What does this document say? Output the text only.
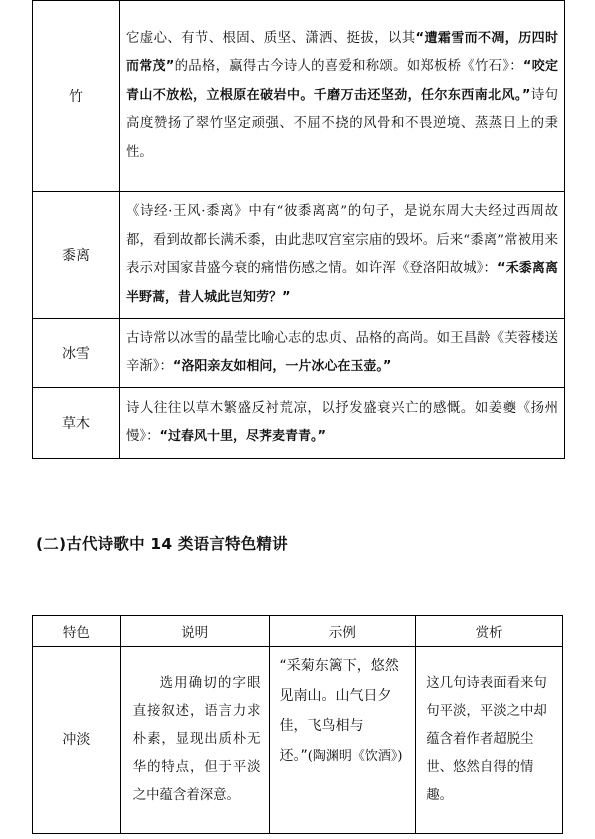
竹	它虚心、有节、根固、质坚、潇洒、挺拔，以其“遭霜雪而不凋，历四时而常茂”的品格，赢得古今诗人的喜爱和称颂。如郑板桥《竹石》：“咬定青山不放松，立根原在破岩中。千磨万击还坚劲，任尔东西南北风。”诗句高度赞扬了翠竹坚定顽强、不屈不挠的风骨和不畏逆境、蒸蒸日上的秉性。
黍离	《诗经·王风·黍离》中有“彼黍离离”的句子，是说东周大夫经过西周故都，看到故都长满禾黍，由此悲叹宫室宗庙的毁坏。后来“黍离”常被用来表示对国家昔盛今衰的痛惜伤感之情。如许浑《登洛阳故城》：“禾黍离离半野蒿，昔人城此岂知劳？”
冰雪	古诗常以冰雪的晶莹比喻心志的忠贞、品格的高尚。如王昌龄《芙蓉楼送辛渐》：“洛阳亲友如相问，一片冰心在玉壶。”
草木	诗人往往以草木繁盛反衬荒凉，以抒发盛衰兴亡的感慨。如姜夔《扬州慢》：“过春风十里，尽荠麦青青。”
(二)古代诗歌中 14 类语言特色精讲
特色	说明	示例	赏析
冲淡	选用确切的字眼直接叙述，语言力求朴素，显现出质朴无华的特点，但于平淡之中蕴含着深意。	“采菊东篱下，悠然见南山。山气日夕佳，飞鸟相与还。”(陶渊明《饮酒》)	这几句诗表面看来句句平淡，平淡之中却蕴含着作者超脱尘世、悠然自得的情趣。
